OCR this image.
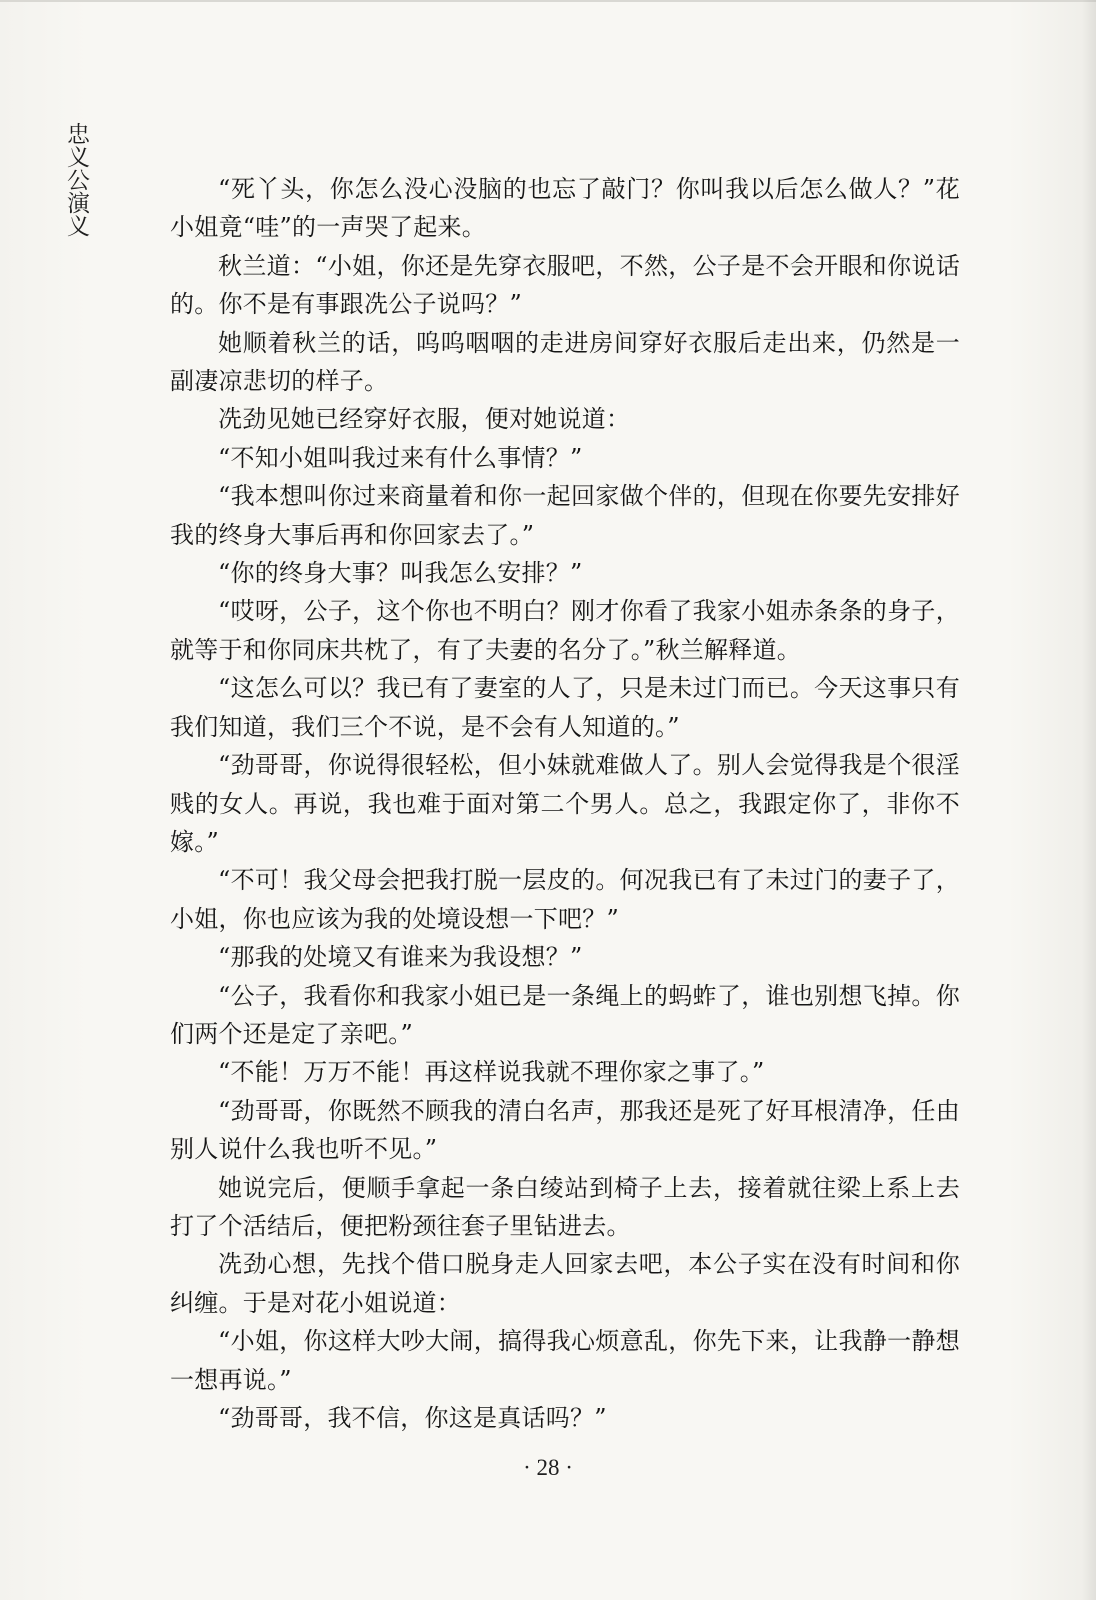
忠义公演义	“死丫头，你怎么没心没脑的也忘了敲门？你叫我以后怎么做人？”花小姐竟“哇”的一声哭了起来。

秋兰道：“小姐，你还是先穿衣服吧，不然，公子是不会开眼和你说话的。你不是有事跟冼公子说吗？”

她顺着秋兰的话，呜呜咽咽的走进房间穿好衣服后走出来，仍然是一副凄凉悲切的样子。

冼劲见她已经穿好衣服，便对她说道：

“不知小姐叫我过来有什么事情？”

“我本想叫你过来商量着和你一起回家做个伴的，但现在你要先安排好我的终身大事后再和你回家去了。”

“你的终身大事？叫我怎么安排？”

“哎呀，公子，这个你也不明白？刚才你看了我家小姐赤条条的身子，就等于和你同床共枕了，有了夫妻的名分了。”秋兰解释道。

“这怎么可以？我已有了妻室的人了，只是未过门而已。今天这事只有我们知道，我们三个不说，是不会有人知道的。”

“劲哥哥，你说得很轻松，但小妹就难做人了。别人会觉得我是个很淫贱的女人。再说，我也难于面对第二个男人。总之，我跟定你了，非你不嫁。”

“不可！我父母会把我打脱一层皮的。何况我已有了未过门的妻子了，小姐，你也应该为我的处境设想一下吧？”

“那我的处境又有谁来为我设想？”

“公子，我看你和我家小姐已是一条绳上的蚂蚱了，谁也别想飞掉。你们两个还是定了亲吧。”

“不能！万万不能！再这样说我就不理你家之事了。”

“劲哥哥，你既然不顾我的清白名声，那我还是死了好耳根清净，任由别人说什么我也听不见。”

她说完后，便顺手拿起一条白绫站到椅子上去，接着就往梁上系上去打了个活结后，便把粉颈往套子里钻进去。

冼劲心想，先找个借口脱身走人回家去吧，本公子实在没有时间和你纠缠。于是对花小姐说道：

“小姐，你这样大吵大闹，搞得我心烦意乱，你先下来，让我静一静想一想再说。”

“劲哥哥，我不信，你这是真话吗？”

· 28 ·
